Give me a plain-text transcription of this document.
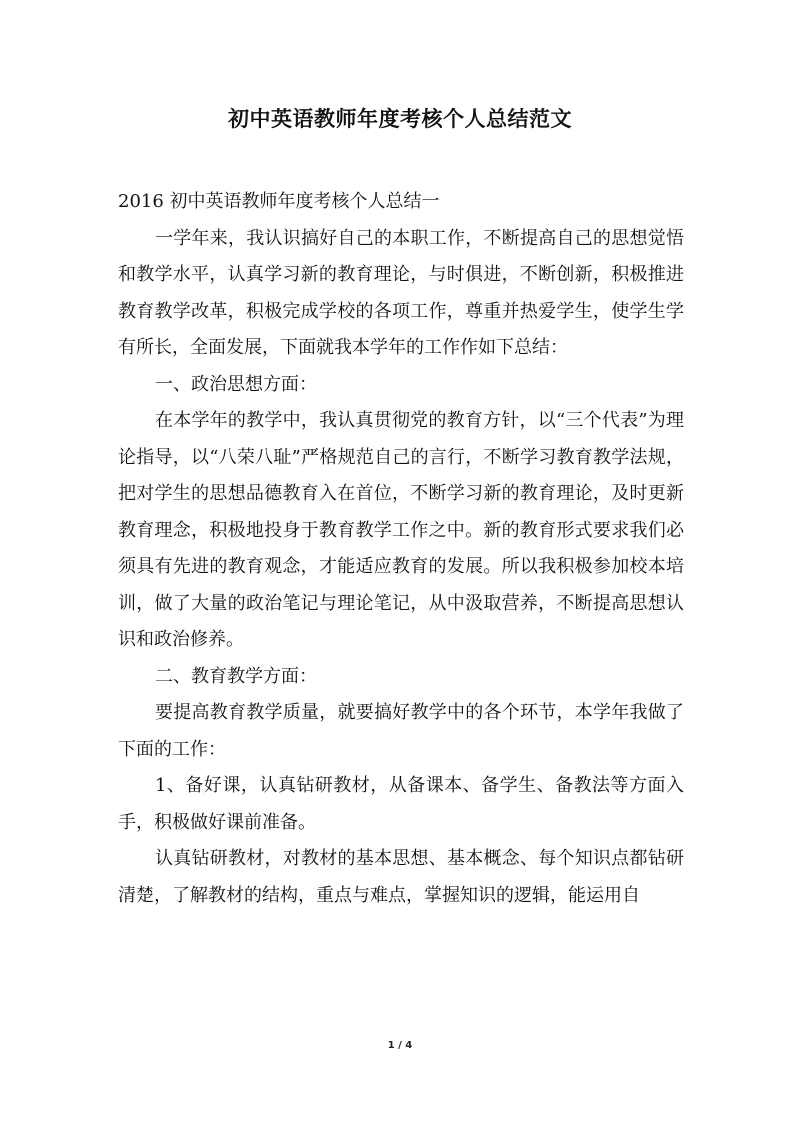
初中英语教师年度考核个人总结范文

2016 初中英语教师年度考核个人总结一

一学年来，我认识搞好自己的本职工作，不断提高自己的思想觉悟和教学水平，认真学习新的教育理论，与时俱进，不断创新，积极推进教育教学改革，积极完成学校的各项工作，尊重并热爱学生，使学生学有所长，全面发展，下面就我本学年的工作作如下总结：

一、政治思想方面：

在本学年的教学中，我认真贯彻党的教育方针，以“三个代表”为理论指导，以“八荣八耻”严格规范自己的言行，不断学习教育教学法规，把对学生的思想品德教育入在首位，不断学习新的教育理论，及时更新教育理念，积极地投身于教育教学工作之中。新的教育形式要求我们必须具有先进的教育观念，才能适应教育的发展。所以我积极参加校本培训，做了大量的政治笔记与理论笔记，从中汲取营养，不断提高思想认识和政治修养。

二、教育教学方面：

要提高教育教学质量，就要搞好教学中的各个环节，本学年我做了下面的工作：

1、备好课，认真钻研教材，从备课本、备学生、备教法等方面入手，积极做好课前准备。

认真钻研教材，对教材的基本思想、基本概念、每个知识点都钻研清楚，了解教材的结构，重点与难点，掌握知识的逻辑，能运用自

1 / 4
